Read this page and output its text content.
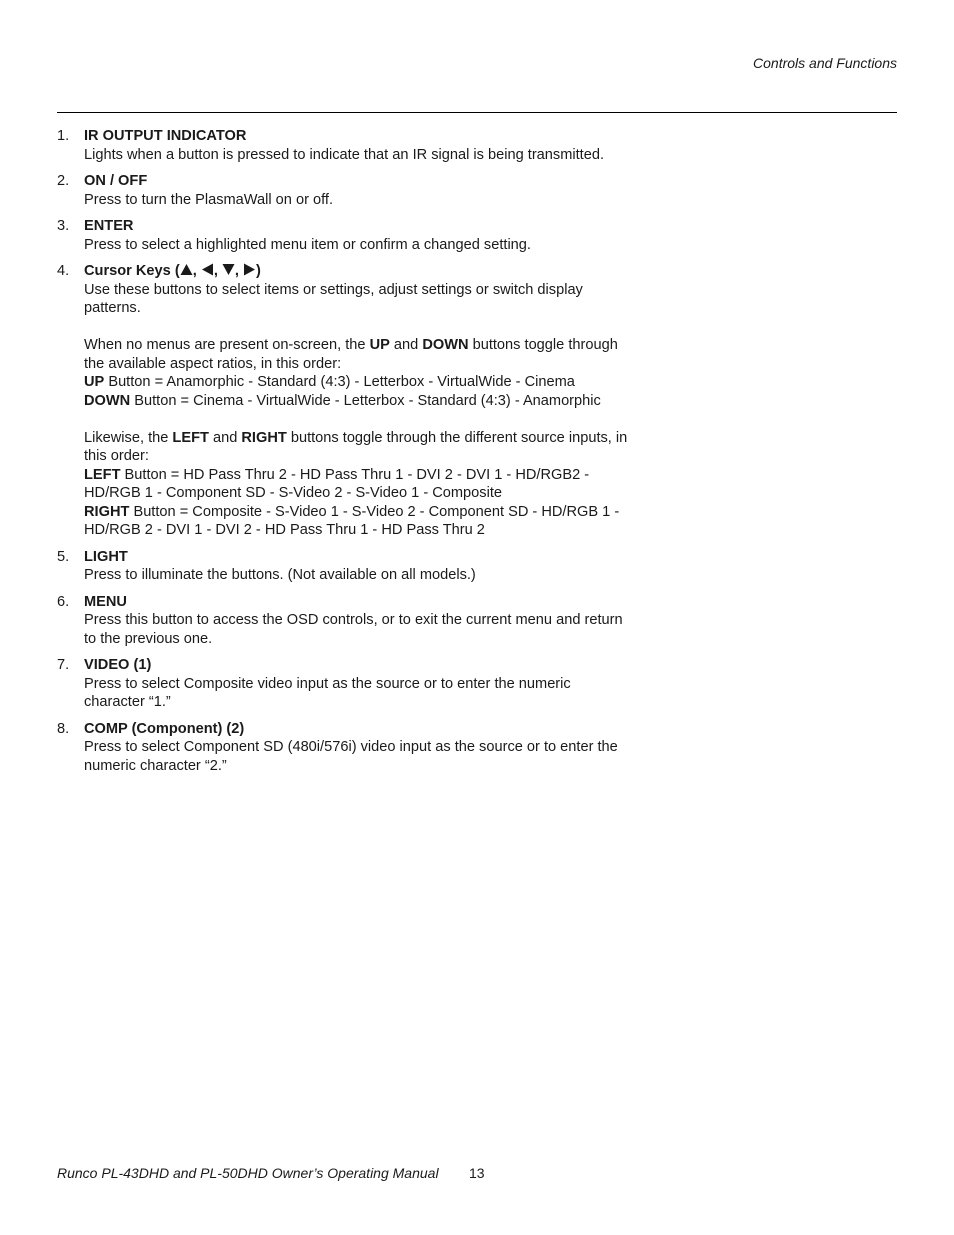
Controls and Functions
1.	IR OUTPUT INDICATOR
Lights when a button is pressed to indicate that an IR signal is being transmitted.
2.	ON / OFF
Press to turn the PlasmaWall on or off.
3.	ENTER
Press to select a highlighted menu item or confirm a changed setting.
4.	Cursor Keys ( ,
,
,
)
Use these buttons to select items or settings, adjust settings or switch display
patterns.
When no menus are present on-screen, the UP and DOWN buttons toggle through
the available aspect ratios, in this order:
UP Button = Anamorphic - Standard (4:3) - Letterbox - VirtualWide - Cinema
DOWN Button = Cinema - VirtualWide - Letterbox - Standard (4:3) - Anamorphic
Likewise, the LEFT and RIGHT buttons toggle through the different source inputs, in
this order:
LEFT Button = HD Pass Thru 2 - HD Pass Thru 1 - DVI 2 - DVI 1 - HD/RGB2 -
HD/RGB 1 - Component SD - S-Video 2 - S-Video 1 - Composite
RIGHT Button = Composite - S-Video 1 - S-Video 2 - Component SD - HD/RGB 1 -
HD/RGB 2 - DVI 1 - DVI 2 - HD Pass Thru 1 - HD Pass Thru 2
5.	LIGHT
Press to illuminate the buttons. (Not available on all models.)
6.	MENU
Press this button to access the OSD controls, or to exit the current menu and return
to the previous one.
7.	VIDEO (1)
Press to select Composite video input as the source or to enter the numeric
character “1.”
8.	COMP (Component) (2)
Press to select Component SD (480i/576i) video input as the source or to enter the
numeric character “2.”
Runco PL-43DHD and PL-50DHD Owner’s Operating Manual 13
